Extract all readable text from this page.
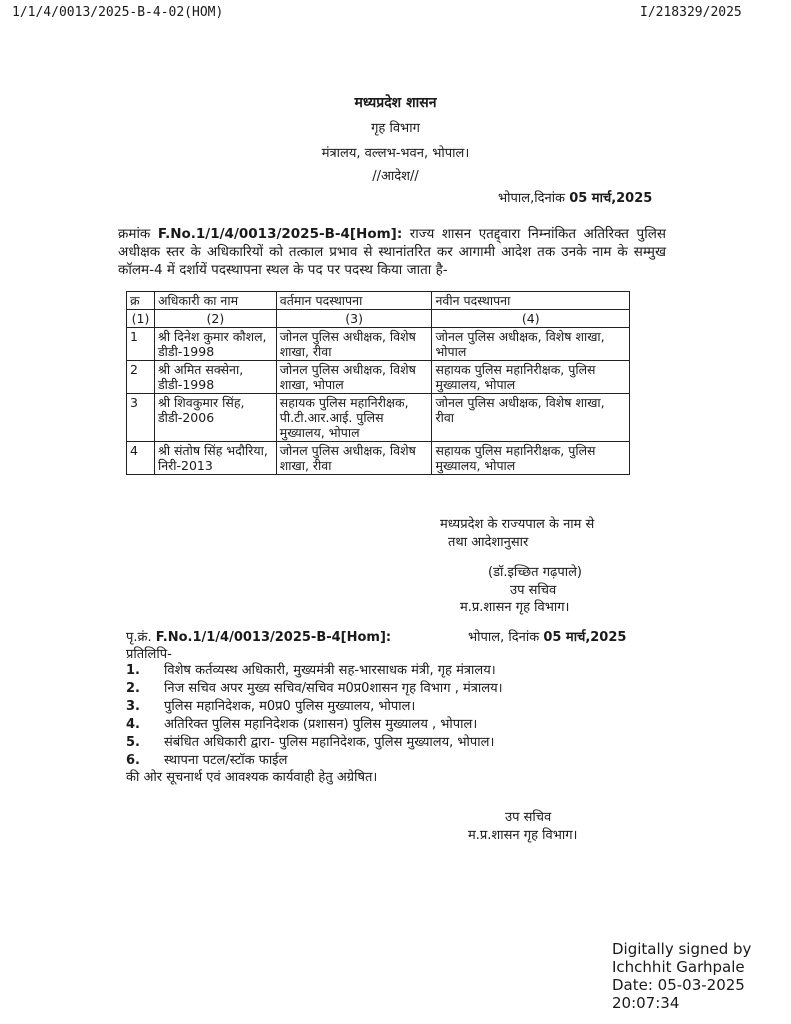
1/1/4/0013/2025-B-4-02(HOM)	I/218329/2025
मध्यप्रदेश शासन
गृह विभाग
मंत्रालय, वल्लभ-भवन, भोपाल।
//आदेश//
भोपाल,दिनांक 05 मार्च,2025
क्रमांक F.No.1/1/4/0013/2025-B-4[Hom]: राज्य शासन एतद्द्वारा निम्नांकित अतिरिक्त पुलिस अधीक्षक स्तर के अधिकारियों को तत्काल प्रभाव से स्थानांतरित कर आगामी आदेश तक उनके नाम के सम्मुख कॉलम-4 में दर्शायें पदस्थापना स्थल के पद पर पदस्थ किया जाता है-
क्र	अधिकारी का नाम	वर्तमान पदस्थापना	नवीन पदस्थापना
(1)	(2)	(3)	(4)
1	श्री दिनेश कुमार कौशल, डीडी-1998	जोनल पुलिस अधीक्षक, विशेष शाखा, रीवा	जोनल पुलिस अधीक्षक, विशेष शाखा, भोपाल
2	श्री अमित सक्सेना, डीडी-1998	जोनल पुलिस अधीक्षक, विशेष शाखा, भोपाल	सहायक पुलिस महानिरीक्षक, पुलिस मुख्यालय, भोपाल
3	श्री शिवकुमार सिंह, डीडी-2006	सहायक पुलिस महानिरीक्षक, पी.टी.आर.आई. पुलिस मुख्यालय, भोपाल	जोनल पुलिस अधीक्षक, विशेष शाखा, रीवा
4	श्री संतोष सिंह भदौरिया, निरी-2013	जोनल पुलिस अधीक्षक, विशेष शाखा, रीवा	सहायक पुलिस महानिरीक्षक, पुलिस मुख्यालय, भोपाल
मध्यप्रदेश के राज्यपाल के नाम से
तथा आदेशानुसार
(डॉ.इच्छित गढ़पाले)
उप सचिव
म.प्र.शासन गृह विभाग।
पृ.क्रं. F.No.1/1/4/0013/2025-B-4[Hom]:	भोपाल, दिनांक 05 मार्च,2025
प्रतिलिपि-
1. विशेष कर्तव्यस्थ अधिकारी, मुख्यमंत्री सह-भारसाधक मंत्री, गृह मंत्रालय।
2. निज सचिव अपर मुख्य सचिव/सचिव म0प्र0शासन गृह विभाग , मंत्रालय।
3. पुलिस महानिदेशक, म0प्र0 पुलिस मुख्यालय, भोपाल।
4. अतिरिक्त पुलिस महानिदेशक (प्रशासन) पुलिस मुख्यालय , भोपाल।
5. संबंधित अधिकारी द्वारा- पुलिस महानिदेशक, पुलिस मुख्यालय, भोपाल।
6. स्थापना पटल/स्टॉक फाईल
की ओर सूचनार्थ एवं आवश्यक कार्यवाही हेतु अग्रेषित।
उप सचिव
म.प्र.शासन गृह विभाग।
Digitally signed by
Ichchhit Garhpale
Date: 05-03-2025
20:07:34
